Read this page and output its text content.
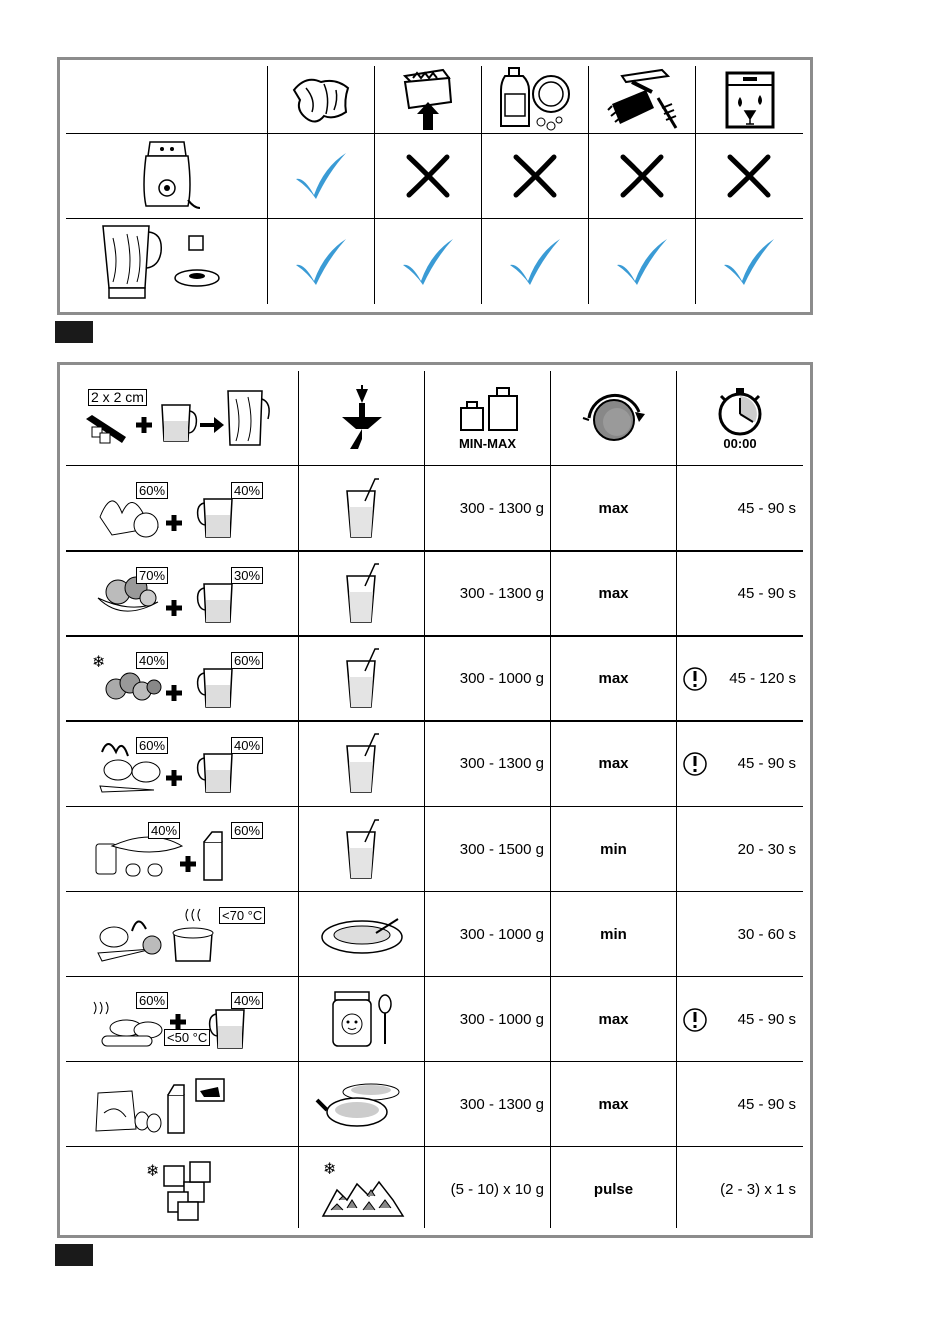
2 x 2 cm
MIN-MAX	00:00
60%	40%
300 - 1300 g	max	45 - 90 s
70%	30%
300 - 1300 g	max	45 - 90 s
❄	40%	60%
300 - 1000 g	max	45 - 120 s
60%	40%
300 - 1300 g	max	45 - 90 s
40%	60%
300 - 1500 g	min	20 - 30 s
<70 °C
300 - 1000 g	min	30 - 60 s
60%	40%
<50 °C
300 - 1000 g	max	45 - 90 s
300 - 1300 g	max	45 - 90 s
❄	❄
(5 - 10) x 10 g	pulse	(2 - 3) x 1 s
